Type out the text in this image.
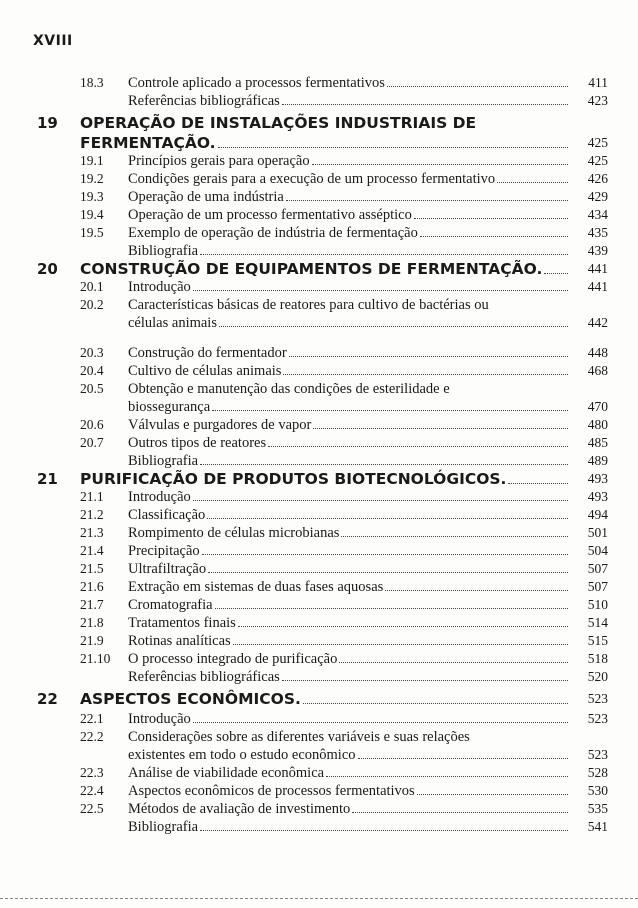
XVIII
18.3 Controle aplicado a processos fermentativos	411
Referências bibliográficas	423
19 OPERAÇÃO DE INSTALAÇÕES INDUSTRIAIS DE
FERMENTAÇÃO.	425
19.1 Princípios gerais para operação	425
19.2 Condições gerais para a execução de um processo fermentativo	426
19.3 Operação de uma indústria	429
19.4 Operação de um processo fermentativo asséptico	434
19.5 Exemplo de operação de indústria de fermentação	435
Bibliografia	439
20 CONSTRUÇÃO DE EQUIPAMENTOS DE FERMENTAÇÃO.	441
20.1 Introdução	441
20.2 Características básicas de reatores para cultivo de bactérias ou
células animais	442
20.3 Construção do fermentador	448
20.4 Cultivo de células animais	468
20.5 Obtenção e manutenção das condições de esterilidade e
biossegurança	470
20.6 Válvulas e purgadores de vapor	480
20.7 Outros tipos de reatores	485
Bibliografia	489
21 PURIFICAÇÃO DE PRODUTOS BIOTECNOLÓGICOS.	493
21.1 Introdução	493
21.2 Classificação	494
21.3 Rompimento de células microbianas	501
21.4 Precipitação	504
21.5 Ultrafiltração	507
21.6 Extração em sistemas de duas fases aquosas	507
21.7 Cromatografia	510
21.8 Tratamentos finais	514
21.9 Rotinas analíticas	515
21.10 O processo integrado de purificação	518
Referências bibliográficas	520
22 ASPECTOS ECONÔMICOS.	523
22.1 Introdução	523
22.2 Considerações sobre as diferentes variáveis e suas relações
existentes em todo o estudo econômico	523
22.3 Análise de viabilidade econômica	528
22.4 Aspectos econômicos de processos fermentativos	530
22.5 Métodos de avaliação de investimento	535
Bibliografia	541
